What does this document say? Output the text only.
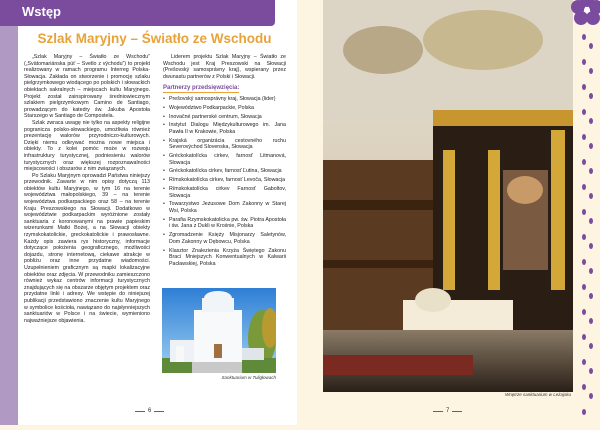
Wstęp
Szlak Maryjny – Światło ze Wschodu

„Szlak Maryjny – Światło ze Wschodu” („Svätomariánska púť – Svetlo z východu”) to projekt realizowany w ramach programu Interreg Polska-Słowacja. Zakłada on stworzenie i promocję szlaku pielgrzymkowego wiodącego po polskich i słowackich obiektach sakralnych – miejscach kultu Maryjnego. Projekt został zainspirowany średniowiecznym szlakiem pielgrzymkowym Camino de Santiago, prowadzącym do katedry św. Jakuba Apostoła Starszego w Santiago de Compostela.

Szlak zwraca uwagę nie tylko na aspekty religijne pogranicza polsko-słowackiego, umożliwia również prezentację walorów przyrodniczo-kulturowych. Dzięki niemu odkrywać można nowe miejsca i obiekty. To z kolei pomóc może w rozwoju infrastruktury turystycznej, podniesieniu walorów turystycznych oraz większej rozpoznawalności miejscowości i obszarów z nim związanych.

Po Szlaku Maryjnym oprowadzi Państwa niniejszy przewodnik. Zawarte w nim opisy dotyczą 113 obiektów kultu Maryjnego, w tym 16 na terenie województwa małopolskiego, 39 – na terenie województwa podkarpackiego oraz 58 – na terenie Kraju Preszowskiego na Słowacji. Dodatkowo w województwie podkarpackim wyróżnione zostały sanktuaria z koronowanymi na prawie papieskim wizerunkami Matki Bożej, a na Słowacji obiekty rzymskokatolickie, greckokatolickie i prawosławne. Każdy opis zawiera rys historyczny, informacje dotyczące położenia geograficznego, możliwości dojazdu, stronę internetową, ciekawe atrakcje w pobliżu oraz inne przydatne wiadomości. Uzupełnieniem graficznym są mapki lokalizacyjne obiektów oraz zdjęcia. W przewodniku zamieszczono również wykaz centrów informacji turystycznych znajdujących się na obszarze objętym projektem oraz przydatne linki i adresy. We wstępie do niniejszej publikacji przedstawiono znaczenie kultu Maryjnego w symbolice kościoła, nawiązano do najsłynniejszych sanktuariów w Polsce i na świecie, wymieniono najważniejsze objawienia.

Liderem projektu Szlak Maryjny – Światło ze Wschodu jest Kraj Preszowski na Słowacji (Prešovský samosprávny kraj), wspierany przez dwunastu partnerów z Polski i Słowacji.

Partnerzy przedsięwzięcia:
• Prešovský samosprávny kraj, Słowacja (lider)
• Województwo Podkarpackie, Polska
• Inovačné partnerské centrum, Słowacja
• Instytut Dialogu Międzykulturowego im. Jana Pawła II w Krakowie, Polska
• Krajská organizácia cestovného ruchu Severovýchod Slovenska, Słowacja
• Gréckokatolícka cirkev, farnosť Litmanová, Słowacja
• Gréckokatolícka cirkev, farnosť Ľutina, Słowacja
• Rímskokatolícka cirkev, farnosť Levoča, Słowacja
• Rímskokatolícka cirkev Farnosť Gaboltov, Słowacja
• Towarzystwo Jezusowe Dom Zakonny w Starej Wsi, Polska
• Parafia Rzymskokatolicka pw. św. Piotra Apostoła i św. Jana z Dukli w Krośnie, Polska
• Zgromadzenie Księży Misjonarzy Saletynów, Dom Zakonny w Dębowcu, Polska
• Klasztor Znalezienia Krzyża Świętego Zakonu Braci Mniejszych Konwentualnych w Kalwarii Pacławskiej, Polska
Sanktuarium w Tuligłowach
6
Wnętrze sanktuarium w Leżajsku
7
